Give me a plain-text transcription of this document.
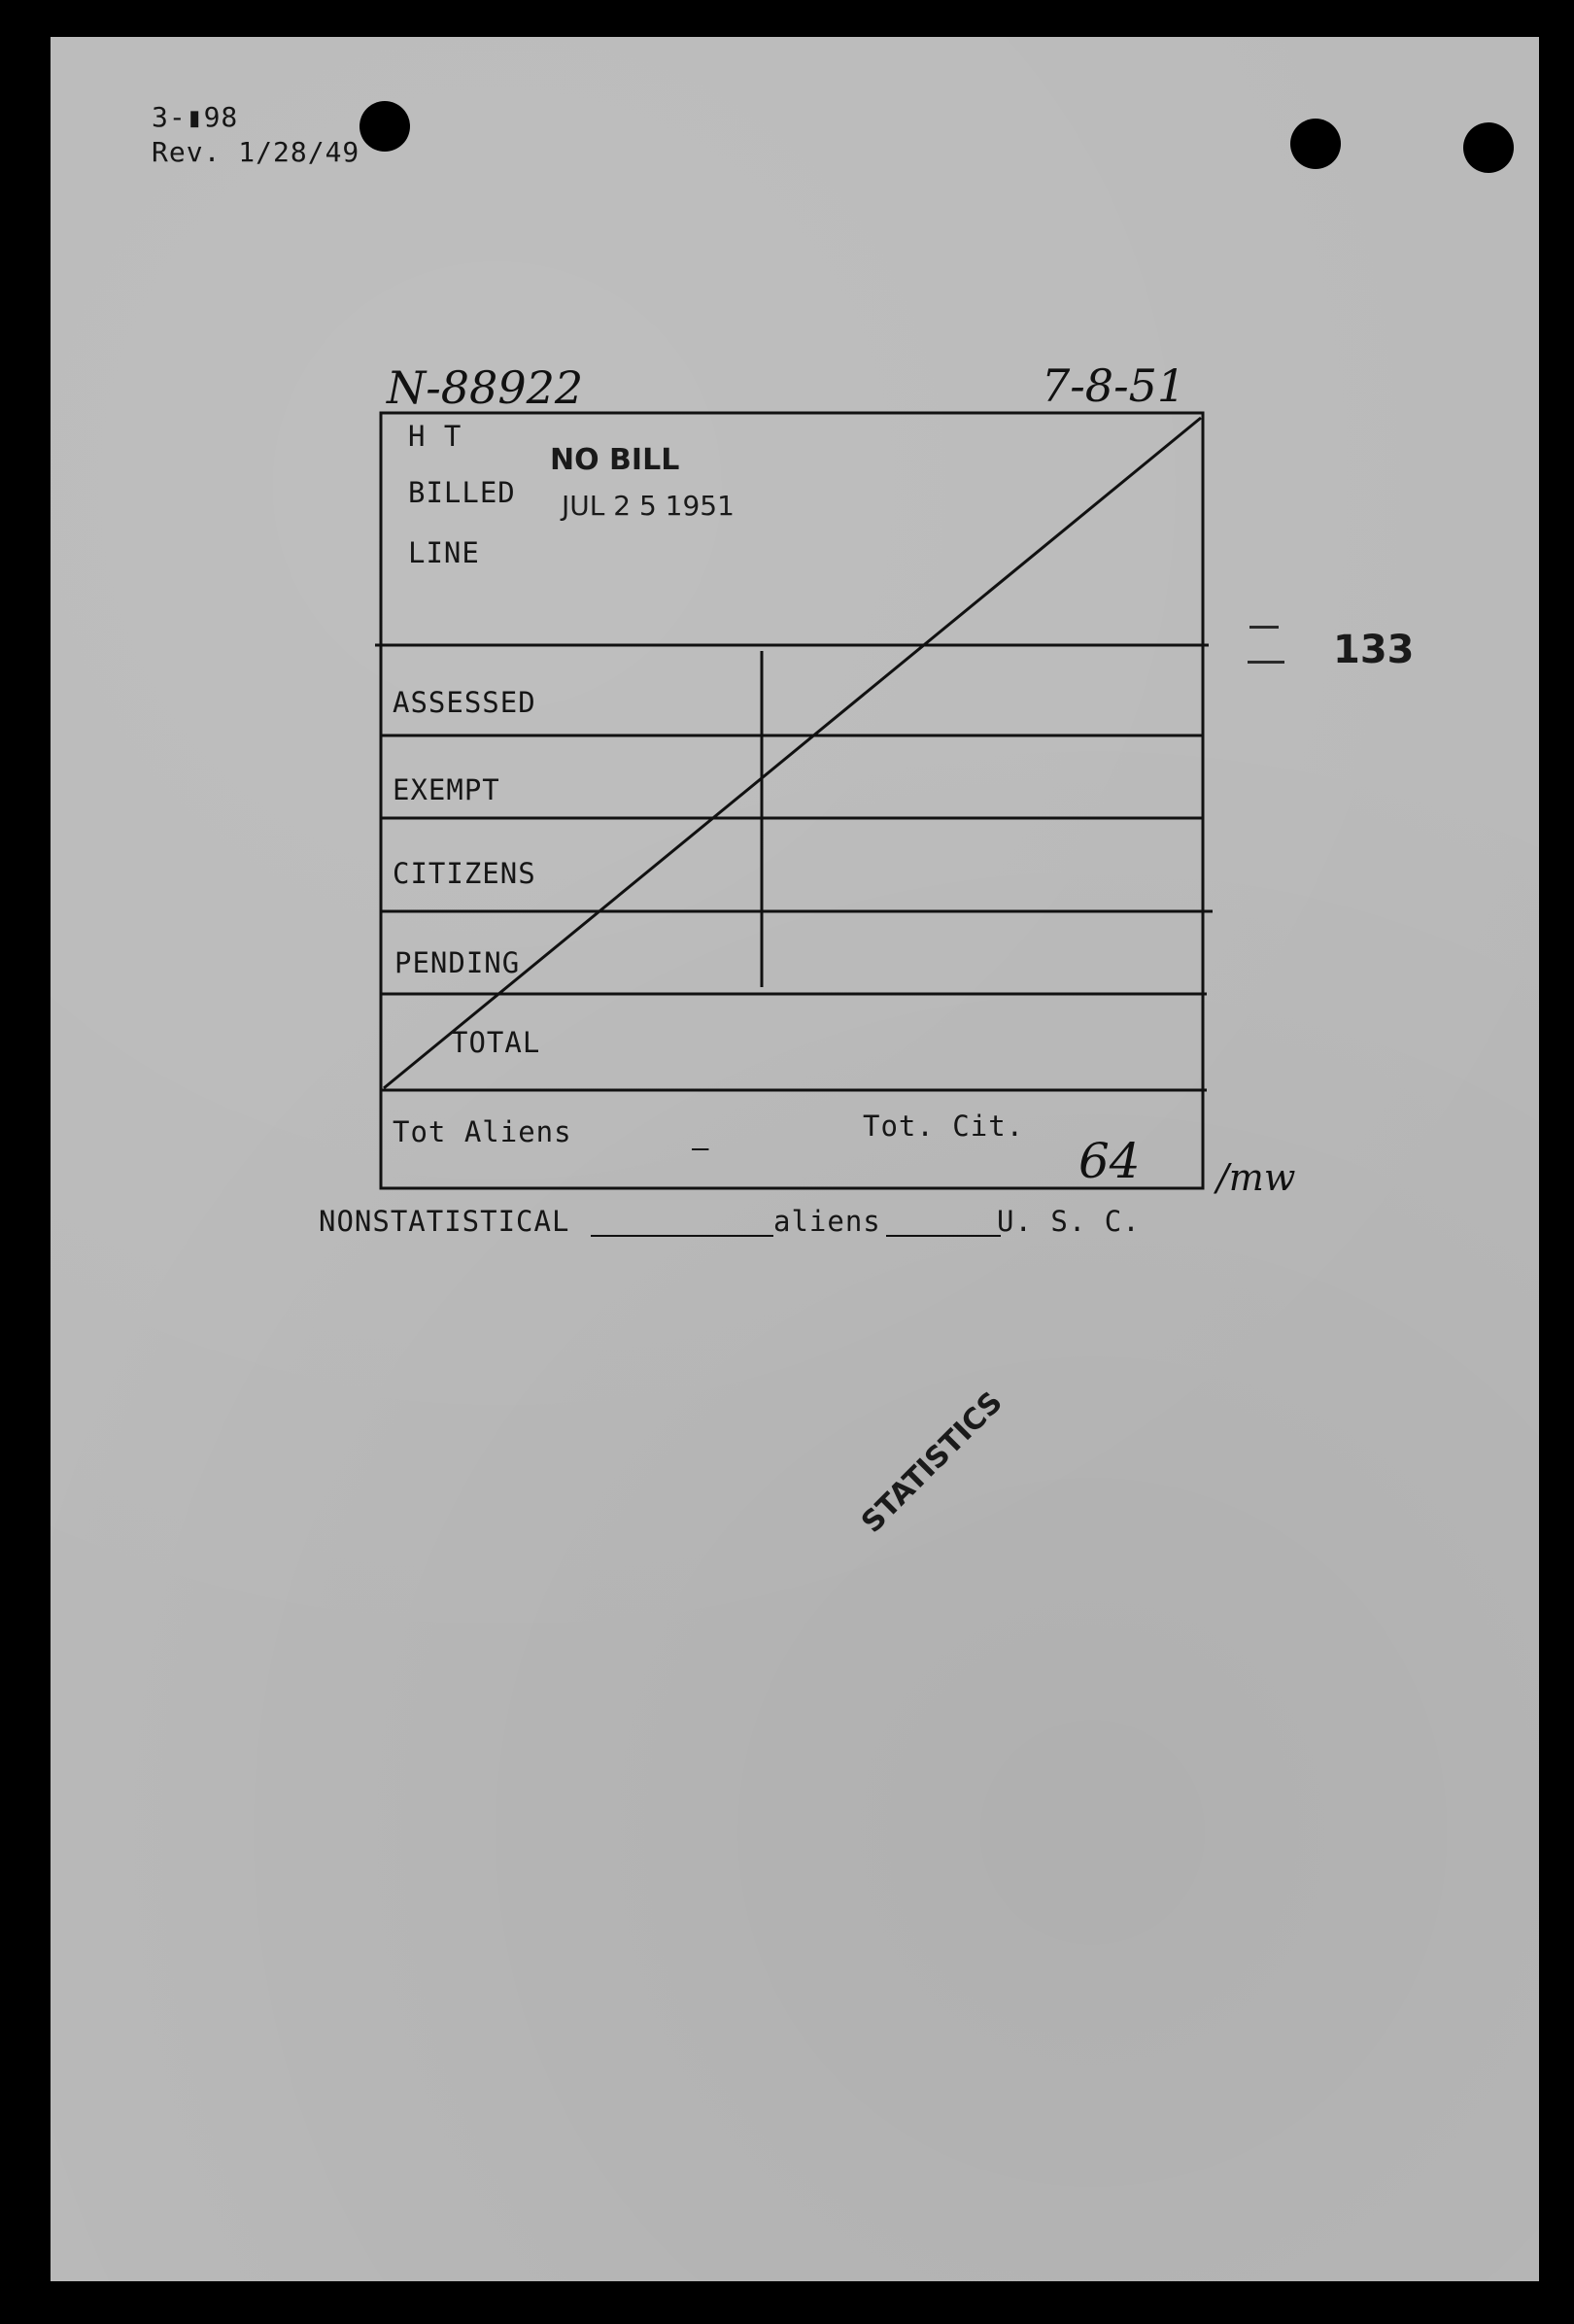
3-▮98
Rev. 1/28/49
N-88922	7-8-51
H T
BILLED
LINE
NO BILL
JUL 2 5 1951
ASSESSED
EXEMPT
CITIZENS
PENDING
TOTAL
Tot Aliens	—
Tot. Cit.
64 /mw
133
NONSTATISTICAL	aliens	U. S. C.
STATISTICS
